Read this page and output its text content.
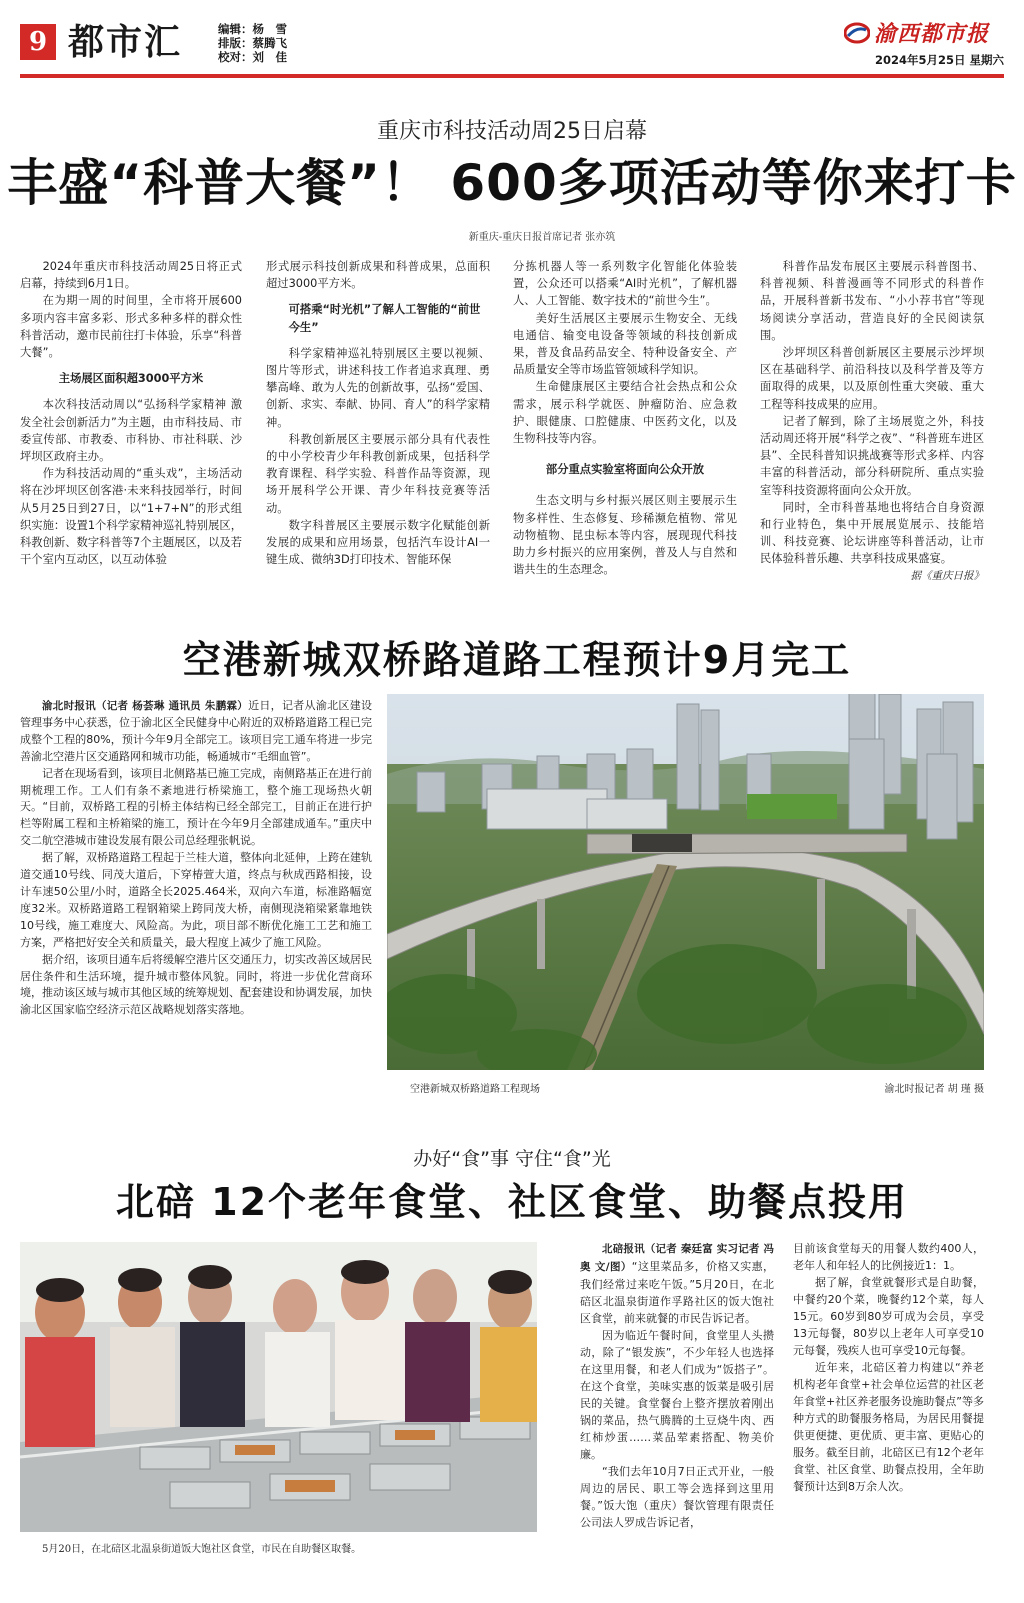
9 都市汇	编辑：杨　雪
排版：蔡腾飞
校对：刘　佳
渝西都市报
2024年5月25日 星期六
重庆市科技活动周25日启幕
丰盛“科普大餐”！ 600多项活动等你来打卡
新重庆-重庆日报首席记者 张亦筑

2024年重庆市科技活动周25日将正式启幕，持续到6月1日。

在为期一周的时间里，全市将开展600多项内容丰富多彩、形式多种多样的群众性科普活动，邀市民前往打卡体验，乐享“科普大餐”。

主场展区面积超3000平方米

本次科技活动周以“弘扬科学家精神 激发全社会创新活力”为主题，由市科技局、市委宣传部、市教委、市科协、市社科联、沙坪坝区政府主办。

作为科技活动周的“重头戏”，主场活动将在沙坪坝区创客港·未来科技园举行，时间从5月25日到27日，以“1+7+N”的形式组织实施：设置1个科学家精神巡礼特别展区，科教创新、数字科普等7个主题展区，以及若干个室内互动区，以互动体验

形式展示科技创新成果和科普成果，总面积超过3000平方米。

可搭乘“时光机”了解人工智能的“前世今生”

科学家精神巡礼特别展区主要以视频、图片等形式，讲述科技工作者追求真理、勇攀高峰、敢为人先的创新故事，弘扬“爱国、创新、求实、奉献、协同、育人”的科学家精神。

科教创新展区主要展示部分具有代表性的中小学校青少年科教创新成果，包括科学教育课程、科学实验、科普作品等资源，现场开展科学公开课、青少年科技竞赛等活动。

数字科普展区主要展示数字化赋能创新发展的成果和应用场景，包括汽车设计AI一键生成、微纳3D打印技术、智能环保

分拣机器人等一系列数字化智能化体验装置，公众还可以搭乘“AI时光机”，了解机器人、人工智能、数字技术的“前世今生”。

美好生活展区主要展示生物安全、无线电通信、输变电设备等领域的科技创新成果，普及食品药品安全、特种设备安全、产品质量安全等市场监管领域科学知识。

生命健康展区主要结合社会热点和公众需求，展示科学就医、肿瘤防治、应急救护、眼健康、口腔健康、中医药文化，以及生物科技等内容。

部分重点实验室将面向公众开放

生态文明与乡村振兴展区则主要展示生物多样性、生态修复、珍稀濒危植物、常见动物植物、昆虫标本等内容，展现现代科技助力乡村振兴的应用案例，普及人与自然和谐共生的生态理念。

科普作品发布展区主要展示科普图书、科普视频、科普漫画等不同形式的科普作品，开展科普新书发布、“小小荐书官”等现场阅读分享活动，营造良好的全民阅读氛围。

沙坪坝区科普创新展区主要展示沙坪坝区在基础科学、前沿科技以及科学普及等方面取得的成果，以及原创性重大突破、重大工程等科技成果的应用。

记者了解到，除了主场展览之外，科技活动周还将开展“科学之夜”、“科普班车进区县”、全民科普知识挑战赛等形式多样、内容丰富的科普活动，部分科研院所、重点实验室等科技资源将面向公众开放。

同时，全市科普基地也将结合自身资源和行业特色，集中开展展览展示、技能培训、科技竞赛、论坛讲座等科普活动，让市民体验科普乐趣、共享科技成果盛宴。

据《重庆日报》

空港新城双桥路道路工程预计9月完工

渝北时报讯（记者 杨荟琳 通讯员 朱鹏霖）近日，记者从渝北区建设管理事务中心获悉，位于渝北区全民健身中心附近的双桥路道路工程已完成整个工程的80%，预计今年9月全部完工。该项目完工通车将进一步完善渝北空港片区交通路网和城市功能，畅通城市“毛细血管”。

记者在现场看到，该项目北侧路基已施工完成，南侧路基正在进行前期梳理工作。工人们有条不紊地进行桥梁施工，整个施工现场热火朝天。“目前，双桥路工程的引桥主体结构已经全部完工，目前正在进行护栏等附属工程和主桥箱梁的施工，预计在今年9月全部建成通车。”重庆中交二航空港城市建设发展有限公司总经理张帆说。

据了解，双桥路道路工程起于兰桂大道，整体向北延伸，上跨在建轨道交通10号线、同茂大道后，下穿椿萱大道，终点与秋成西路相接，设计车速50公里/小时，道路全长2025.464米，双向六车道，标准路幅宽度32米。双桥路道路工程钢箱梁上跨同茂大桥，南侧现浇箱梁紧靠地铁10号线，施工难度大、风险高。为此，项目部不断优化施工工艺和施工方案，严格把好安全关和质量关，最大程度上减少了施工风险。

据介绍，该项目通车后将缓解空港片区交通压力，切实改善区域居民居住条件和生活环境，提升城市整体风貌。同时，将进一步优化营商环境，推动该区域与城市其他区域的统筹规划、配套建设和协调发展，加快渝北区国家临空经济示范区战略规划落实落地。

空港新城双桥路道路工程现场	渝北时报记者 胡 瑾 摄
办好“食”事 守住“食”光
北碚 12个老年食堂、社区食堂、助餐点投用
5月20日，在北碚区北温泉街道饭大饱社区食堂，市民在自助餐区取餐。

北碚报讯（记者 秦廷富 实习记者 冯 奥 文/图）“这里菜品多，价格又实惠，我们经常过来吃午饭。”5月20日，在北碚区北温泉街道作孚路社区的饭大饱社区食堂，前来就餐的市民告诉记者。

因为临近午餐时间，食堂里人头攒动，除了“银发族”，不少年轻人也选择在这里用餐，和老人们成为“饭搭子”。在这个食堂，美味实惠的饭菜是吸引居民的关键。食堂餐台上整齐摆放着刚出锅的菜品，热气腾腾的土豆烧牛肉、西红柿炒蛋……菜品荤素搭配、物美价廉。

“我们去年10月7日正式开业，一般周边的居民、职工等会选择到这里用餐。”饭大饱（重庆）餐饮管理有限责任公司法人罗成告诉记者，

目前该食堂每天的用餐人数约400人，老年人和年轻人的比例接近1：1。

据了解，食堂就餐形式是自助餐，中餐约20个菜，晚餐约12个菜，每人15元。60岁到80岁可成为会员，享受13元每餐，80岁以上老年人可享受10元每餐，残疾人也可享受10元每餐。

近年来，北碚区着力构建以“养老机构老年食堂+社会单位运营的社区老年食堂+社区养老服务设施助餐点”等多种方式的助餐服务格局，为居民用餐提供更便捷、更优质、更丰富、更贴心的服务。截至目前，北碚区已有12个老年食堂、社区食堂、助餐点投用，全年助餐预计达到8万余人次。
